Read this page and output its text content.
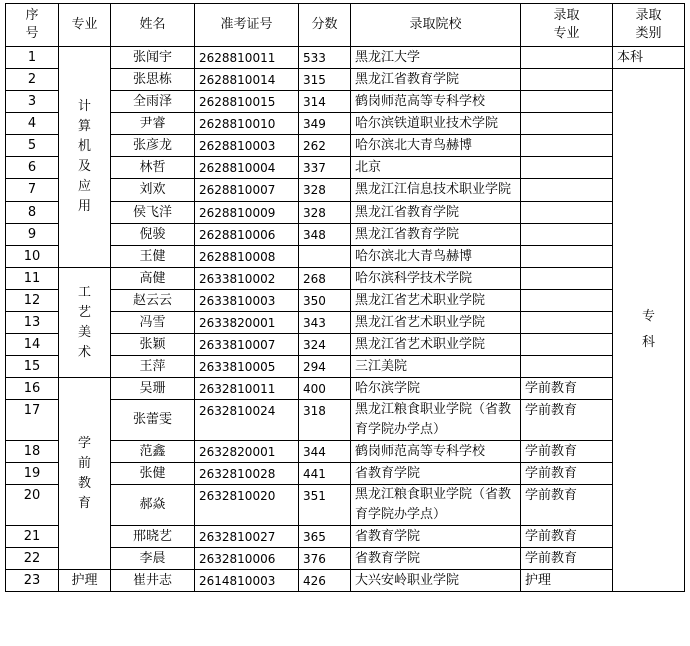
序号	专业	姓名	准考证号	分数	录取院校	录取专业	录取类别
1	计算机及应用	张闻宇	2628810011	533	黑龙江大学		本科
2		张思栋	2628810014	315	黑龙江省教育学院		专科
3		全雨泽	2628810015	314	鹤岗师范高等专科学校		
4		尹睿	2628810010	349	哈尔滨铁道职业技术学院		
5		张彦龙	2628810003	262	哈尔滨北大青鸟赫博		
6		林哲	2628810004	337	北京		
7		刘欢	2628810007	328	黑龙江江信息技术职业学院		
8		侯飞洋	2628810009	328	黑龙江省教育学院		
9		倪骏	2628810006	348	黑龙江省教育学院		
10		王健	2628810008		哈尔滨北大青鸟赫博		
11	工艺美术	高健	2633810002	268	哈尔滨科学技术学院		
12		赵云云	2633810003	350	黑龙江省艺术职业学院		
13		冯雪	2633820001	343	黑龙江省艺术职业学院		
14		张颖	2633810007	324	黑龙江省艺术职业学院		
15		王萍	2633810005	294	三江美院		
16	学前教育	吴珊	2632810011	400	哈尔滨学院	学前教育	
17		张蕾雯	2632810024	318	黑龙江粮食职业学院（省教育学院办学点）	学前教育	
18		范鑫	2632820001	344	鹤岗师范高等专科学校	学前教育	
19		张健	2632810028	441	省教育学院	学前教育	
20		郝焱	2632810020	351	黑龙江粮食职业学院（省教育学院办学点）	学前教育	
21		邢晓艺	2632810027	365	省教育学院	学前教育	
22		李晨	2632810006	376	省教育学院	学前教育	
23	护理	崔井志	2614810003	426	大兴安岭职业学院	护理	
